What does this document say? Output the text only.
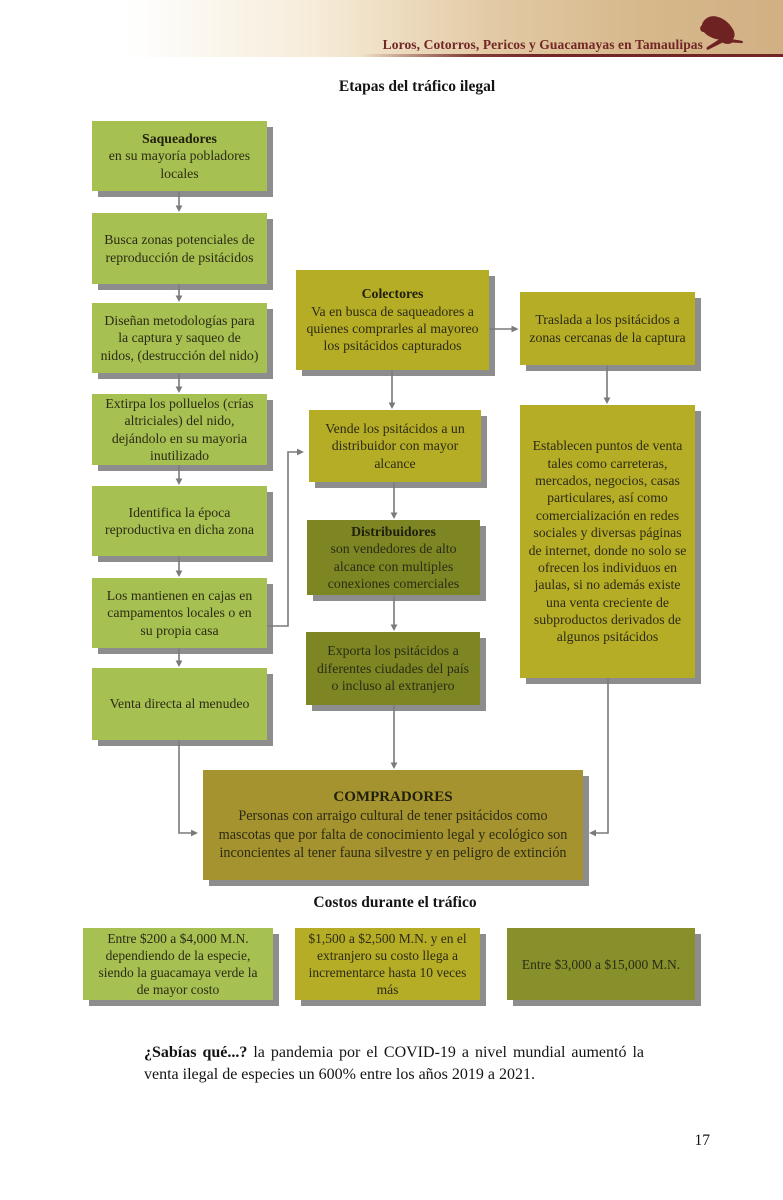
Loros, Cotorros, Pericos y Guacamayas en Tamaulipas
Etapas del tráfico ilegal
Saqueadores
en su mayoría pobladores locales
Busca zonas potenciales de reproducción de psitácidos
Diseñan metodologías para la captura y saqueo de nidos, (destrucción del nido)
Extirpa los polluelos (crías altriciales) del nido, dejándolo en su mayoria inutilizado
Identifica la época reproductiva en dicha zona
Los mantienen en cajas en campamentos locales o en su propia casa
Venta directa al menudeo
Colectores
Va en busca de saqueadores a quienes comprarles al mayoreo los psitácidos capturados
Vende los psitácidos a un distribuidor con mayor alcance
Distribuidores
son vendedores de alto alcance con multiples conexiones comerciales
Exporta los psitácidos a diferentes ciudades del país o incluso al extranjero
Traslada a los psitácidos a zonas cercanas de la captura
Establecen puntos de venta tales como carreteras, mercados, negocios, casas particulares, así como comercialización en redes sociales y diversas páginas de internet, donde no solo se ofrecen los individuos en jaulas, si no además existe una venta creciente de subproductos derivados de algunos psitácidos
COMPRADORES
Personas con arraigo cultural de tener psitácidos como mascotas que por falta de conocimiento legal y ecológico son inconcientes al tener fauna silvestre y en peligro de extinción
Costos durante el tráfico
Entre $200 a $4,000 M.N. dependiendo de la especie, siendo la guacamaya verde la de mayor costo
$1,500 a $2,500 M.N. y en el extranjero su costo llega a incrementarce hasta 10 veces más
Entre $3,000 a $15,000 M.N.

¿Sabías qué...? la pandemia por el COVID-19 a nivel mundial aumentó la venta ilegal de especies un 600% entre los años 2019 a 2021.

17
